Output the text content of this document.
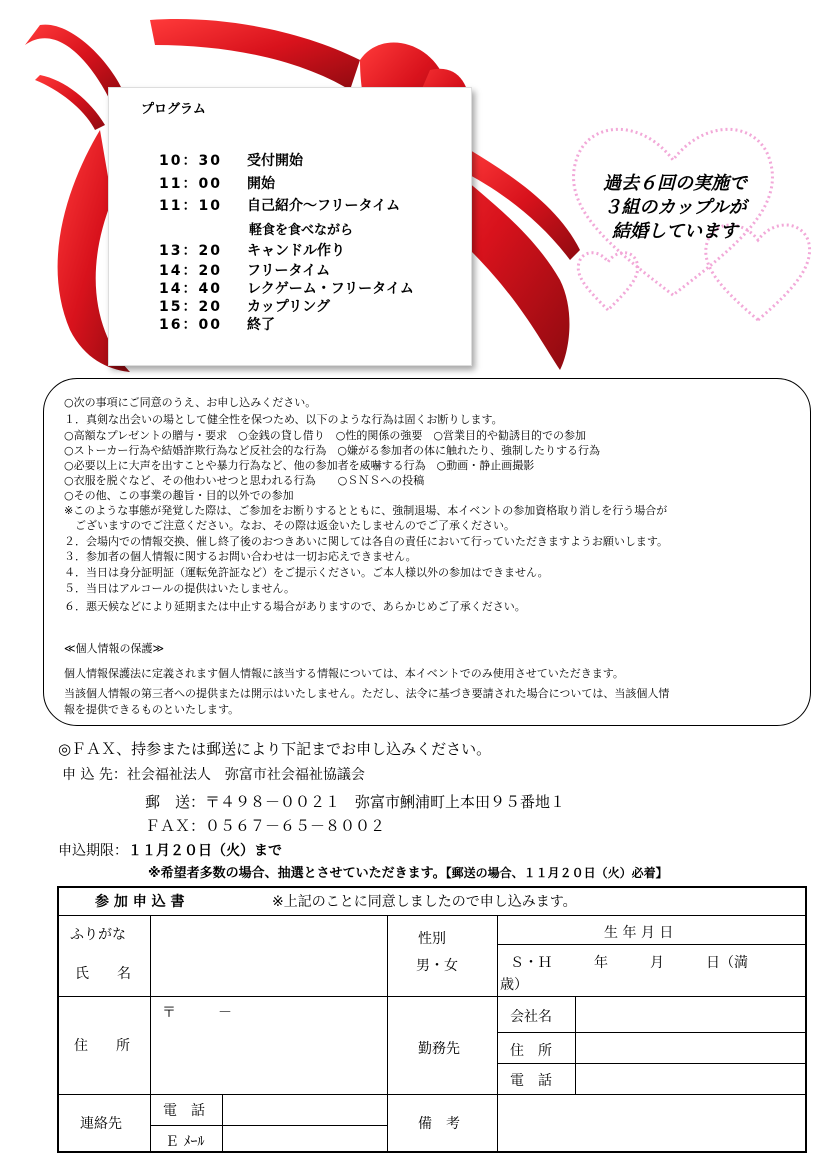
プログラム
10：30 受付開始
11：00 開始
11：10 自己紹介～フリータイム
軽食を食べながら
13：20 キャンドル作り
14：20 フリータイム
14：40 レクゲーム・フリータイム
15：20 カップリング
16：00 終了
過去６回の実施で
３組のカップルが
結婚しています
○次の事項にご同意のうえ、お申し込みください。
１．真剣な出会いの場として健全性を保つため、以下のような行為は固くお断りします。
○高額なプレゼントの贈与・要求　○金銭の貸し借り　○性的関係の強要　○営業目的や勧誘目的での参加
○ストーカー行為や結婚詐欺行為など反社会的な行為　○嫌がる参加者の体に触れたり、強制したりする行為
○必要以上に大声を出すことや暴力行為など、他の参加者を威嚇する行為　○動画・静止画撮影
○衣服を脱ぐなど、その他わいせつと思われる行為　　○ＳＮＳへの投稿
○その他、この事業の趣旨・目的以外での参加
※このような事態が発覚した際は、ご参加をお断りするとともに、強制退場、本イベントの参加資格取り消しを行う場合が
　ございますのでご注意ください。なお、その際は返金いたしませんのでご了承ください。
２．会場内での情報交換、催し終了後のおつきあいに関しては各自の責任において行っていただきますようお願いします。
３．参加者の個人情報に関するお問い合わせは一切お応えできません。
４．当日は身分証明証（運転免許証など）をご提示ください。ご本人様以外の参加はできません。
５．当日はアルコールの提供はいたしません。
６．悪天候などにより延期または中止する場合がありますので、あらかじめご了承ください。
≪個人情報の保護≫
個人情報保護法に定義されます個人情報に該当する情報については、本イベントでのみ使用させていただきます。
当該個人情報の第三者への提供または開示はいたしません。ただし、法令に基づき要請された場合については、当該個人情
報を提供できるものといたします。
◎ＦＡＸ、持参または郵送により下記までお申し込みください。
申 込 先：社会福祉法人　弥富市社会福祉協議会
郵　送：〒４９８－００２１　弥富市鯏浦町上本田９５番地１
ＦＡＸ：０５６７－６５－８００２
申込期限：１１月２０日（火）まで
※希望者多数の場合、抽選とさせていただきます。【郵送の場合、１１月２０日（火）必着】
参 加 申 込 書	※上記のことに同意しましたので申し込みます。
ふりがな
氏　　名
性別
男・女
生 年 月 日
Ｓ・Ｈ　　　年　　　月　　　日（満
歳）
住　　所
〒　　　－
勤務先
会社名
住　所
電　話
連絡先
電　話
Ｅ ﾒｰﾙ
備　考
